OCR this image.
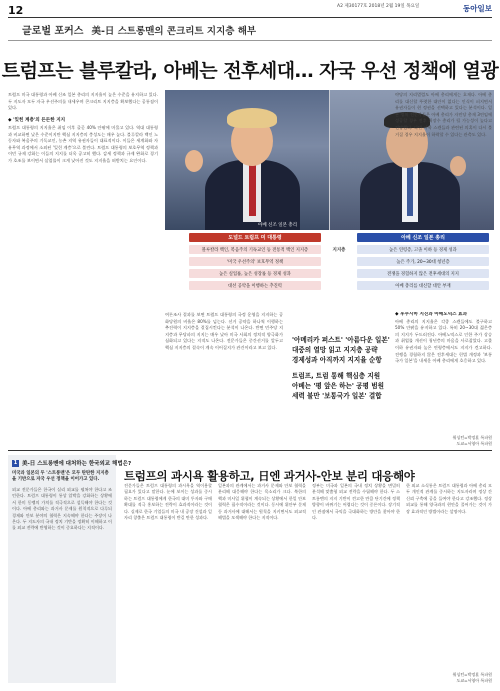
12	A2 제30177호 2018년 2월 19일 목요일	동아일보
글로벌 포커스 美-日 스트롱맨의 콘크리트 지지층 해부
트럼프는 블루칼라, 아베는 전후세대… 자국 우선 정책에 열광
아베 신조 일본 총리
도널드 트럼프 미 대통령	아베 신조 일본 총리
블루칼라 백인, 복음주의 기독교인 등 전통적 백인 지지층	지지층	높은 연령층, 고졸 이하 등 경제 성과
'미국 우선주의' 보호무역 정책	높은 주가, 20~30대 청년층
높은 실업률, 높은 성장률 등 경제 성과	전쟁을 경험하지 않은 전후세대의 지지
대선 공약을 이행하는 추진력	아베 총리를 대신할 대안 부재
트럼프 미국 대통령과 아베 신조 일본 총리의 지지율이 높은 수준을 유지하고 있다. 두 지도자 모두 자국 우선주의를 내세우며 콘크리트 지지층을 확보했다는 공통점이 있다.

◆ '잊힌 계층'의 든든한 지지
트럼프 대통령의 지지율은 취임 이후 줄곧 40% 안팎에 머물고 있다. 역대 대통령과 비교하면 낮은 수준이지만 핵심 지지층의 충성도는 매우 높다. 블루칼라 백인 노동자와 복음주의 기독교인, 농촌 지역 유권자들이 대표적이다. 이들은 세계화와 자유무역 과정에서 소외된 '잊힌 계층'으로 불린다. 트럼프 대통령의 보호무역 정책과 이민 규제 강화는 이들의 지지를 더욱 공고히 했다. 감세 정책과 규제 완화로 경기가 호조를 보이면서 실업률이 크게 낮아진 것도 지지율을 떠받치는 요인이다.
여론조사 결과를 보면 트럼프 대통령의 국정 운영을 지지하는 공화당원의 비율은 80%를 넘는다. 선거 공약을 하나씩 이행하는 추진력이 지지층을 결집시킨다는 분석이 나온다. 반면 민주당 지지층과 무당파의 지지는 매우 낮아 미국 사회의 정치적 양극화가 심화되고 있다는 지적도 나온다. 전문가들은 중간선거를 앞두고 핵심 지지층의 결속이 계속 이어질지가 관건이라고 보고 있다.
'아메리카 퍼스트' '아름다운 일본'
대중의 열망 읽고 지지층 공략
경제성과 아직까지 지지율 순항
트럼프, 트럼 통해 핵심층 지원
아베는 '평 앞은 하는' 공평 범원
세력 불만 '보통국가 일본' 결합
◆ 후쿠시마 지진과 아베노믹스 효과
아베 총리의 지지율은 각종 스캔들에도 불구하고 50% 안팎을 유지하고 있다. 특히 20~30대 젊은층의 지지가 두드러진다. 아베노믹스로 인한 주가 상승과 취업률 개선이 청년층의 마음을 사로잡았다. 고졸 이하 유권자와 높은 연령층에서도 지지가 견고하다. 전쟁을 경험하지 않은 전후세대는 헌법 개정과 '보통국가 일본'을 내세운 아베 총리에게 호응하고 있다.
야당의 지리멸렬도 아베 총리에게는 호재다. 아베 총리를 대신할 뚜렷한 대안이 없다는 인식이 퍼지면서 유권자들이 현 정권을 선택하고 있다는 분석이다. 일본 정치 전문가들은 아베 총리가 자민당 총재 3연임에 성공할 경우 전후 최장수 총리가 될 가능성이 높다고 전망했다. 다만 사학 스캔들과 관련된 의혹이 다시 불거질 경우 지지율이 하락할 수 있다는 관측도 있다.
워싱턴=박정훈 특파원
도쿄=서영아 특파원
1 美-日 스트롱맨에 대처하는 한국외교 해법은?
미국과 일본의 두 '스트롱맨'은 모두 탄탄한 지지층을 기반으로 자국 우선 정책을 이어가고 있다.
외교 전문가들은 한국이 실리 외교를 펼쳐야 한다고 조언한다. 트럼프 대통령이 통상 압박을 강화하는 상황에서 한미 동맹의 가치를 적극적으로 설득해야 한다는 것이다. 아베 총리와는 과거사 문제를 원칙적으로 다루되 경제와 안보 분야의 협력은 지속해야 한다는 주장이 나온다. 두 지도자의 국내 정치 기반을 정확히 이해하고 이를 외교 전략에 반영하는 것이 중요하다는 지적이다.
트럼프의 과시욕 활용하고, 日엔 과거사-안보 분리 대응해야
전문가들은 트럼프 대통령의 과시욕을 역이용할 필요가 있다고 말한다. 눈에 보이는 성과를 중시하는 트럼프 대통령에게 한국의 대미 투자와 구매 확대를 적극 홍보하는 전략이 효과적이라는 것이다. 실제로 한국 기업들의 미국 내 공장 건설과 일자리 창출은 트럼프 대통령이 반길 만한 성과다.
일본과의 관계에서는 과거사 문제와 안보 협력을 분리해 대응해야 한다는 목소리가 크다. 북한의 핵과 미사일 위협이 계속되는 상황에서 한일 안보 협력은 필수적이라는 것이다. 동시에 위안부 문제 등 과거사에 대해서는 원칙을 지키면서도 외교적 해법을 모색해야 한다는 지적이다.
정부는 미국과 일본의 국내 정치 상황을 면밀히 분석해 맞춤형 외교 전략을 수립해야 한다. 두 스트롱맨의 지지 기반이 견고한 만큼 단기간에 정책 방향이 바뀌기는 어렵다는 것이 중론이다. 장기적인 관점에서 국익을 극대화하는 방안을 찾아야 한다.
한 외교 소식통은 트럼프 대통령과 아베 총리 모두 개인적 관계를 중시하는 지도자라며 정상 간 신뢰 구축에 공을 들여야 한다고 강조했다. 정상 외교를 통해 양국과의 현안을 풀어가는 것이 가장 효과적인 방법이라는 설명이다.
워싱턴=박정훈 특파원
도쿄=서영아 특파원
